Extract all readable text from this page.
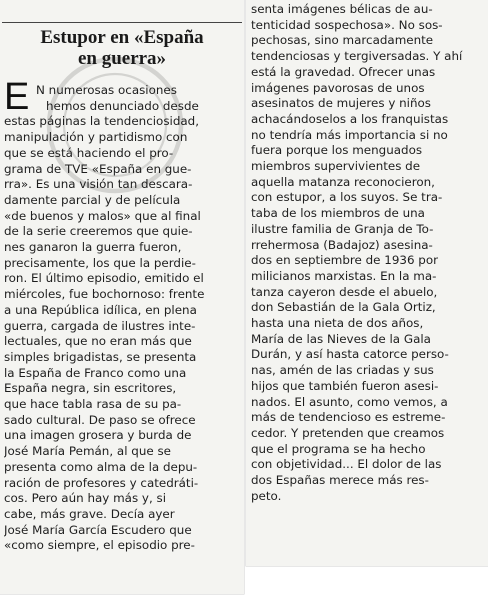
Estupor en «España
en guerra»
E N numerosas ocasiones
hemos denunciado desde
estas páginas la tendenciosidad,
manipulación y partidismo con
que se está haciendo el pro-
grama de TVE «España en gue-
rra». Es una visión tan descara-
damente parcial y de película
«de buenos y malos» que al final
de la serie creeremos que quie-
nes ganaron la guerra fueron,
precisamente, los que la perdie-
ron. El último episodio, emitido el
miércoles, fue bochornoso: frente
a una República idílica, en plena
guerra, cargada de ilustres inte-
lectuales, que no eran más que
simples brigadistas, se presenta
la España de Franco como una
España negra, sin escritores,
que hace tabla rasa de su pa-
sado cultural. De paso se ofrece
una imagen grosera y burda de
José María Pemán, al que se
presenta como alma de la depu-
ración de profesores y catedráti-
cos. Pero aún hay más y, si
cabe, más grave. Decía ayer
José María García Escudero que
«como siempre, el episodio pre-
senta imágenes bélicas de au-
tenticidad sospechosa». No sos-
pechosas, sino marcadamente
tendenciosas y tergiversadas. Y ahí
está la gravedad. Ofrecer unas
imágenes pavorosas de unos
asesinatos de mujeres y niños
achacándoselos a los franquistas
no tendría más importancia si no
fuera porque los menguados
miembros supervivientes de
aquella matanza reconocieron,
con estupor, a los suyos. Se tra-
taba de los miembros de una
ilustre familia de Granja de To-
rrehermosa (Badajoz) asesina-
dos en septiembre de 1936 por
milicianos marxistas. En la ma-
tanza cayeron desde el abuelo,
don Sebastián de la Gala Ortiz,
hasta una nieta de dos años,
María de las Nieves de la Gala
Durán, y así hasta catorce perso-
nas, amén de las criadas y sus
hijos que también fueron asesi-
nados. El asunto, como vemos, a
más de tendencioso es estreme-
cedor. Y pretenden que creamos
que el programa se ha hecho
con objetividad... El dolor de las
dos Españas merece más res-
peto.
